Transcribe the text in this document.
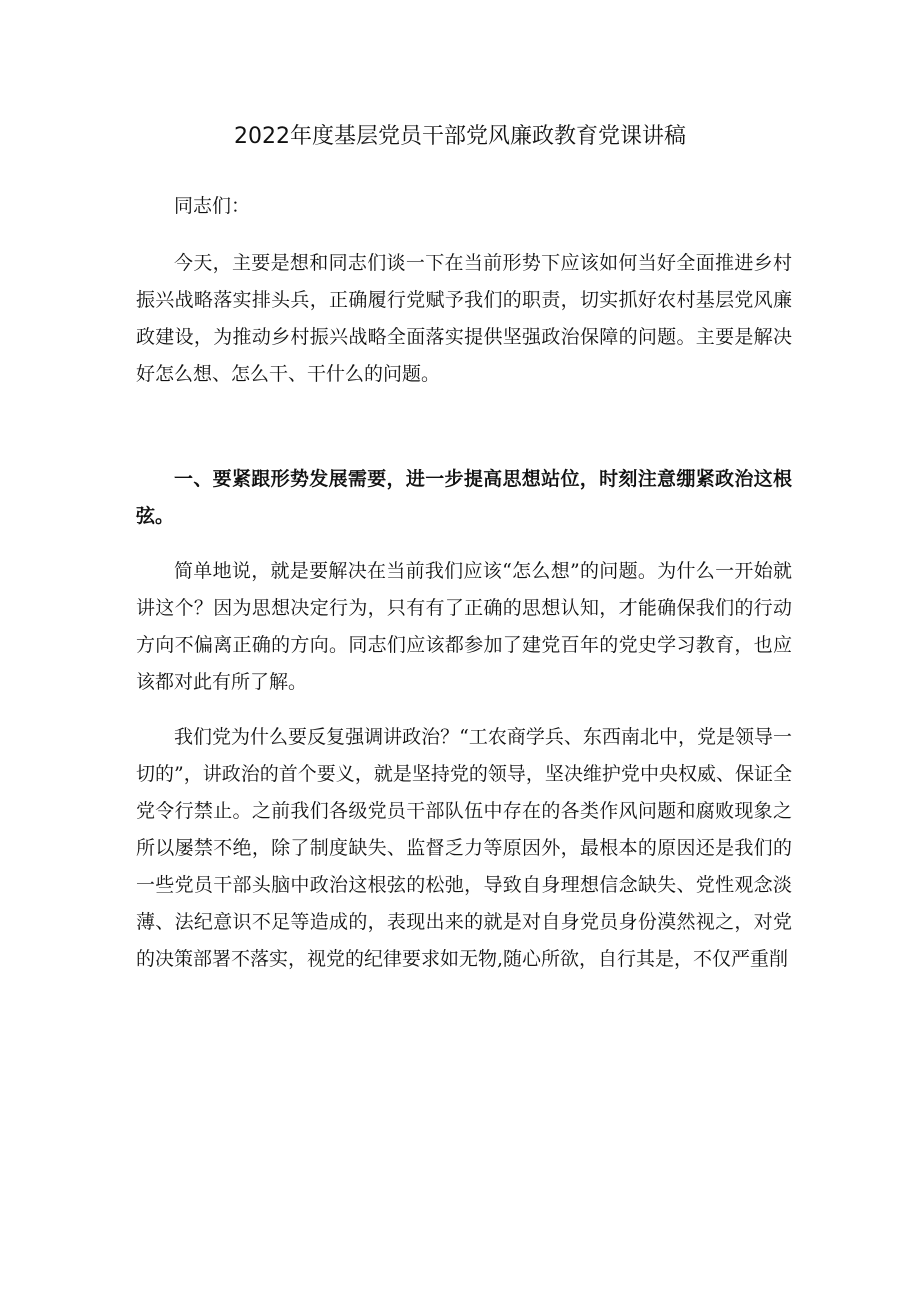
2022年度基层党员干部党风廉政教育党课讲稿

同志们：

今天，主要是想和同志们谈一下在当前形势下应该如何当好全面推进乡村振兴战略落实排头兵，正确履行党赋予我们的职责，切实抓好农村基层党风廉政建设，为推动乡村振兴战略全面落实提供坚强政治保障的问题。主要是解决好怎么想、怎么干、干什么的问题。

一、要紧跟形势发展需要，进一步提高思想站位，时刻注意绷紧政治这根弦。

简单地说，就是要解决在当前我们应该“怎么想”的问题。为什么一开始就讲这个？因为思想决定行为，只有有了正确的思想认知，才能确保我们的行动方向不偏离正确的方向。同志们应该都参加了建党百年的党史学习教育，也应该都对此有所了解。

我们党为什么要反复强调讲政治？“工农商学兵、东西南北中，党是领导一切的”，讲政治的首个要义，就是坚持党的领导，坚决维护党中央权威、保证全党令行禁止。之前我们各级党员干部队伍中存在的各类作风问题和腐败现象之所以屡禁不绝，除了制度缺失、监督乏力等原因外，最根本的原因还是我们的一些党员干部头脑中政治这根弦的松弛，导致自身理想信念缺失、党性观念淡薄、法纪意识不足等造成的，表现出来的就是对自身党员身份漠然视之，对党的决策部署不落实，视党的纪律要求如无物,随心所欲，自行其是，不仅严重削
